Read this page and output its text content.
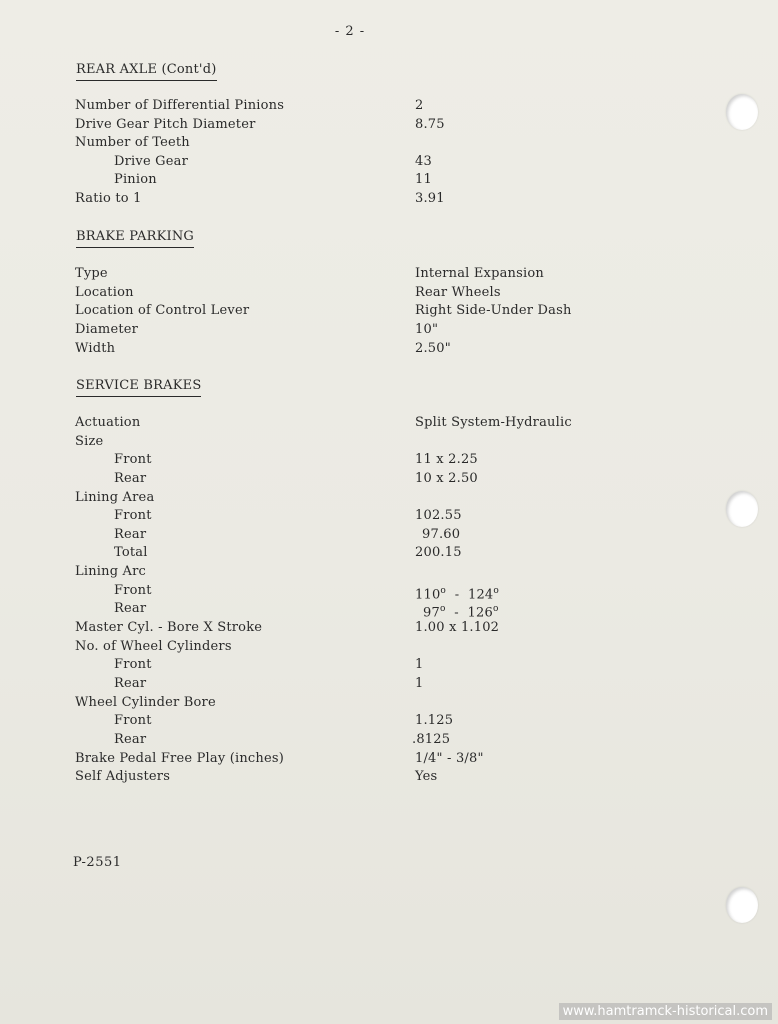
- 2 -
REAR AXLE (Cont'd)
Number of Differential Pinions	2
Drive Gear Pitch Diameter	8.75
Number of Teeth
Drive Gear	43
Pinion	11
Ratio to 1	3.91
BRAKE PARKING
Type	Internal Expansion
Location	Rear Wheels
Location of Control Lever	Right Side-Under Dash
Diameter	10"
Width	2.50"
SERVICE BRAKES
Actuation	Split System-Hydraulic
Size
Front	11 x 2.25
Rear	10 x 2.50
Lining Area
Front	102.55
Rear	97.60
Total	200.15
Lining Arc
Front	110$^o$ - 124$^o$
Rear	97$^o$ - 126$^o$
Master Cyl. - Bore X Stroke	1.00 x 1.102
No. of Wheel Cylinders
Front	1
Rear	1
Wheel Cylinder Bore
Front	1.125
Rear	.8125
Brake Pedal Free Play (inches)	1/4" - 3/8"
Self Adjusters	Yes
P-2551
www.hamtramck-historical.com
